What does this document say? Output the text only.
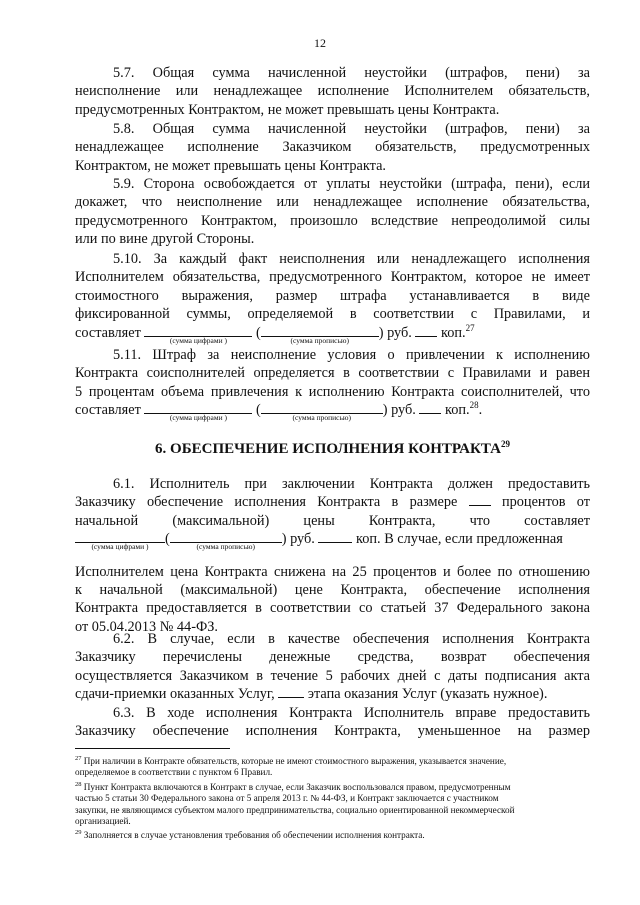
12

5.7. Общая сумма начисленной неустойки (штрафов, пени) за

неисполнение или ненадлежащее исполнение Исполнителем обязательств,

предусмотренных Контрактом, не может превышать цены Контракта.

5.8. Общая сумма начисленной неустойки (штрафов, пени) за

ненадлежащее исполнение Заказчиком обязательств, предусмотренных

Контрактом, не может превышать цены Контракта.

5.9. Сторона освобождается от уплаты неустойки (штрафа, пени), если

докажет, что неисполнение или ненадлежащее исполнение обязательства,

предусмотренного Контрактом, произошло вследствие непреодолимой силы

или по вине другой Стороны.

5.10. За каждый факт неисполнения или ненадлежащего исполнения

Исполнителем обязательства, предусмотренного Контрактом, которое не имеет

стоимостного выражения, размер штрафа устанавливается в виде

фиксированной суммы, определяемой в соответствии с Правилами, и

составляет	(сумма цифрами )	(	(сумма прописью)	) руб. коп.$^{27}$

5.11. Штраф за неисполнение условия о привлечении к исполнению

Контракта соисполнителей определяется в соответствии с Правилами и равен

5 процентам объема привлечения к исполнению Контракта соисполнителей, что

составляет	(сумма цифрами )	(	(сумма прописью)	) руб. коп.$^{28}$.

6. ОБЕСПЕЧЕНИЕ ИСПОЛНЕНИЯ КОНТРАКТА$^{29}$

6.1. Исполнитель при заключении Контракта должен предоставить

Заказчику обеспечение исполнения Контракта в размере	процентов от

начальной (максимальной) цены Контракта, что составляет

(сумма цифрами )	(	(сумма прописью)	) руб.	коп. В случае, если предложенная

Исполнителем цена Контракта снижена на 25 процентов и более по отношению

к начальной (максимальной) цене Контракта, обеспечение исполнения

Контракта предоставляется в соответствии со статьей 37 Федерального закона

от 05.04.2013 № 44-ФЗ.

6.2. В случае, если в качестве обеспечения исполнения Контракта

Заказчику перечислены денежные средства, возврат обеспечения

осуществляется Заказчиком в течение 5 рабочих дней с даты подписания акта

сдачи-приемки оказанных Услуг, этапа оказания Услуг (указать нужное).

6.3. В ходе исполнения Контракта Исполнитель вправе предоставить

Заказчику обеспечение исполнения Контракта, уменьшенное на размер

$^{27}$ При наличии в Контракте обязательств, которые не имеют стоимостного выражения, указывается значение,

определяемое в соответствии с пунктом 6 Правил.

$^{28}$ Пункт Контракта включаются в Контракт в случае, если Заказчик воспользовался правом, предусмотренным

частью 5 статьи 30 Федерального закона от 5 апреля 2013 г. № 44-ФЗ, и Контракт заключается с участником

закупки, не являющимся субъектом малого предпринимательства, социально ориентированной некоммерческой

организацией.

$^{29}$ Заполняется в случае установления требования об обеспечении исполнения контракта.
